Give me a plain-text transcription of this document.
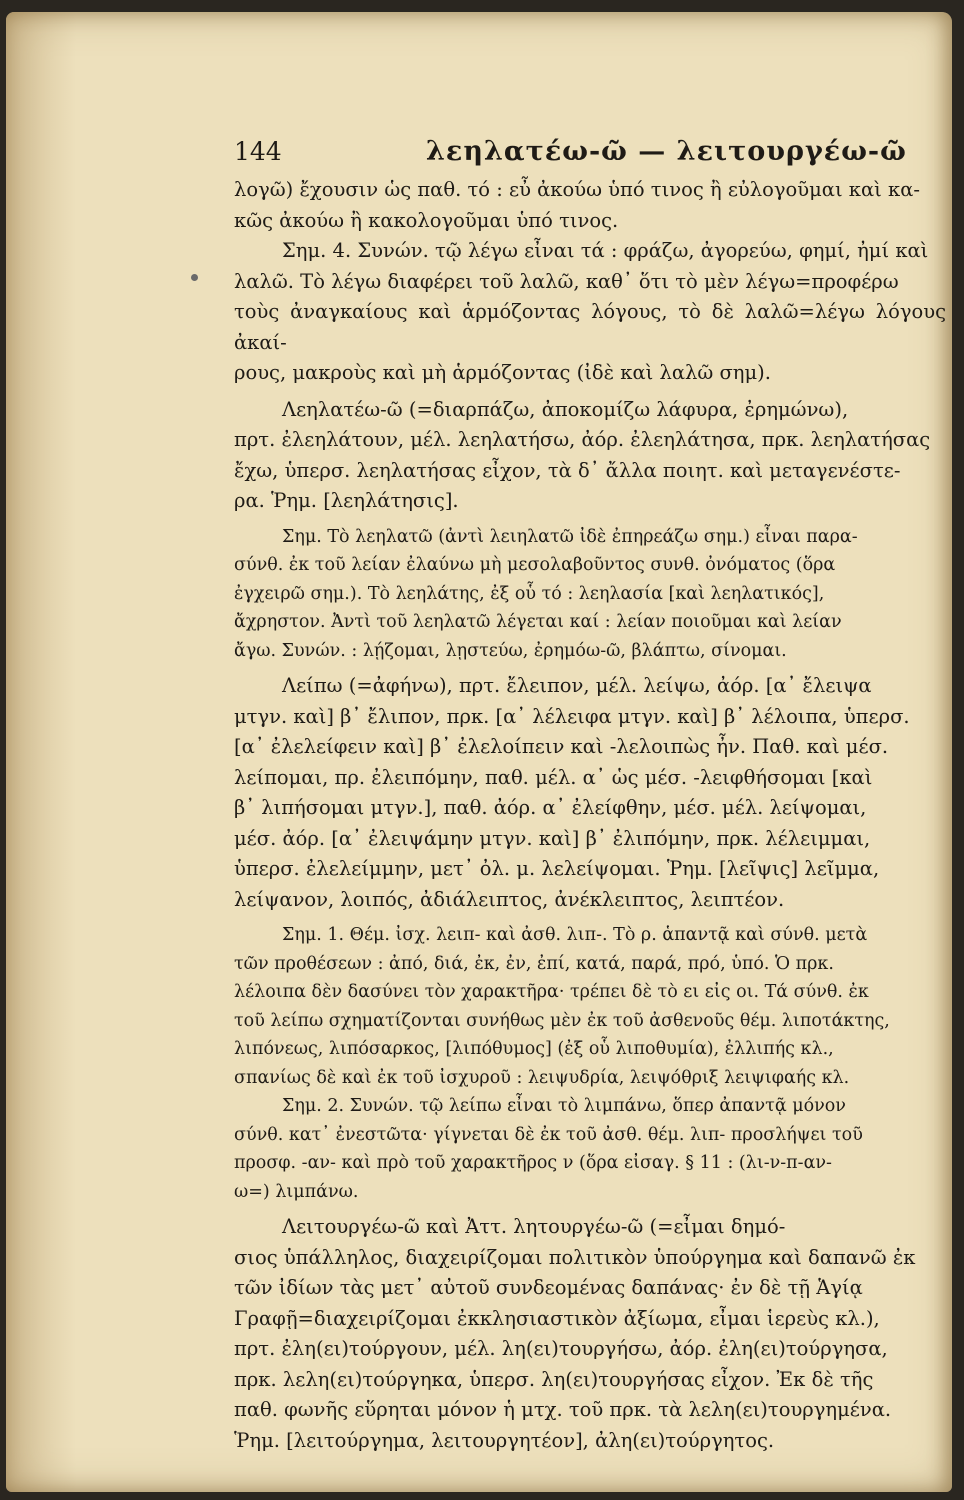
144	λεηλατέω-ῶ — λειτουργέω-ῶ

λογῶ) ἔχουσιν ὡς παθ. τό : εὖ ἀκούω ὑπό τινος ἢ εὐλογοῦμαι καὶ κα-

κῶς ἀκούω ἢ κακολογοῦμαι ὑπό τινος.

Σημ. 4. Συνών. τῷ λέγω εἶναι τά : φράζω, ἀγορεύω, φημί, ἠμί καὶ

λαλῶ. Τὸ λέγω διαφέρει τοῦ λαλῶ, καθ᾽ ὅτι τὸ μὲν λέγω=προφέρω

τοὺς ἀναγκαίους καὶ ἁρμόζοντας λόγους, τὸ δὲ λαλῶ=λέγω λόγους ἀκαί-

ρους, μακροὺς καὶ μὴ ἁρμόζοντας (ἰδὲ καὶ λαλῶ σημ).

Λεηλατέω-ῶ (=διαρπάζω, ἀποκομίζω λάφυρα, ἐρημώνω),

πρτ. ἐλεηλάτουν, μέλ. λεηλατήσω, ἀόρ. ἐλεηλάτησα, πρκ. λεηλατήσας

ἔχω, ὑπερσ. λεηλατήσας εἶχον, τὰ δ᾽ ἄλλα ποιητ. καὶ μεταγενέστε-

ρα. Ῥημ. [λεηλάτησις].

Σημ. Τὸ λεηλατῶ (ἀντὶ λειηλατῶ ἰδὲ ἐπηρεάζω σημ.) εἶναι παρα-

σύνθ. ἐκ τοῦ λείαν ἐλαύνω μὴ μεσολαβοῦντος συνθ. ὀνόματος (ὅρα

ἐγχειρῶ σημ.). Τὸ λεηλάτης, ἐξ οὗ τό : λεηλασία [καὶ λεηλατικός],

ἄχρηστον. Ἀντὶ τοῦ λεηλατῶ λέγεται καί : λείαν ποιοῦμαι καὶ λείαν

ἄγω. Συνών. : λῄζομαι, λῃστεύω, ἐρημόω-ῶ, βλάπτω, σίνομαι.

Λείπω (=ἀφήνω), πρτ. ἔλειπον, μέλ. λείψω, ἀόρ. [α᾽ ἔλειψα

μτγν. καὶ] β᾽ ἔλιπον, πρκ. [α᾽ λέλειφα μτγν. καὶ] β᾽ λέλοιπα, ὑπερσ.

[α᾽ ἐλελείφειν καὶ] β᾽ ἐλελοίπειν καὶ -λελοιπὼς ἦν. Παθ. καὶ μέσ.

λείπομαι, πρ. ἐλειπόμην, παθ. μέλ. α᾽ ὡς μέσ. -λειφθήσομαι [καὶ

β᾽ λιπήσομαι μτγν.], παθ. ἀόρ. α᾽ ἐλείφθην, μέσ. μέλ. λείψομαι,

μέσ. ἀόρ. [α᾽ ἐλειψάμην μτγν. καὶ] β᾽ ἐλιπόμην, πρκ. λέλειμμαι,

ὑπερσ. ἐλελείμμην, μετ᾽ ὀλ. μ. λελείψομαι. Ῥημ. [λεῖψις] λεῖμμα,

λείψανον, λοιπός, ἀδιάλειπτος, ἀνέκλειπτος, λειπτέον.

Σημ. 1. Θέμ. ἰσχ. λειπ- καὶ ἀσθ. λιπ-. Τὸ ρ. ἁπαντᾷ καὶ σύνθ. μετὰ

τῶν προθέσεων : ἀπό, διά, ἐκ, ἐν, ἐπί, κατά, παρά, πρό, ὑπό. Ὁ πρκ.

λέλοιπα δὲν δασύνει τὸν χαρακτῆρα· τρέπει δὲ τὸ ει εἰς οι. Τά σύνθ. ἐκ

τοῦ λείπω σχηματίζονται συνήθως μὲν ἐκ τοῦ ἀσθενοῦς θέμ. λιποτάκτης,

λιπόνεως, λιπόσαρκος, [λιπόθυμος] (ἐξ οὗ λιποθυμία), ἐλλιπής κλ.,

σπανίως δὲ καὶ ἐκ τοῦ ἰσχυροῦ : λειψυδρία, λειψόθριξ λειψιφαής κλ.

Σημ. 2. Συνών. τῷ λείπω εἶναι τὸ λιμπάνω, ὅπερ ἀπαντᾷ μόνον

σύνθ. κατ᾽ ἐνεστῶτα· γίγνεται δὲ ἐκ τοῦ ἀσθ. θέμ. λιπ- προσλήψει τοῦ

προσφ. -αν- καὶ πρὸ τοῦ χαρακτῆρος ν (ὅρα εἰσαγ. § 11 : (λι-ν-π-αν-

ω=) λιμπάνω.

Λειτουργέω-ῶ καὶ Ἀττ. λητουργέω-ῶ (=εἶμαι δημό-

σιος ὑπάλληλος, διαχειρίζομαι πολιτικὸν ὑπούργημα καὶ δαπανῶ ἐκ

τῶν ἰδίων τὰς μετ᾽ αὐτοῦ συνδεομένας δαπάνας· ἐν δὲ τῇ Ἁγίᾳ

Γραφῇ=διαχειρίζομαι ἐκκλησιαστικὸν ἀξίωμα, εἶμαι ἱερεὺς κλ.),

πρτ. ἐλη(ει)τούργουν, μέλ. λη(ει)τουργήσω, ἀόρ. ἐλη(ει)τούργησα,

πρκ. λελη(ει)τούργηκα, ὑπερσ. λη(ει)τουργήσας εἶχον. Ἐκ δὲ τῆς

παθ. φωνῆς εὕρηται μόνον ἡ μτχ. τοῦ πρκ. τὰ λελη(ει)τουργημένα.

Ῥημ. [λειτούργημα, λειτουργητέον], ἀλη(ει)τούργητος.
